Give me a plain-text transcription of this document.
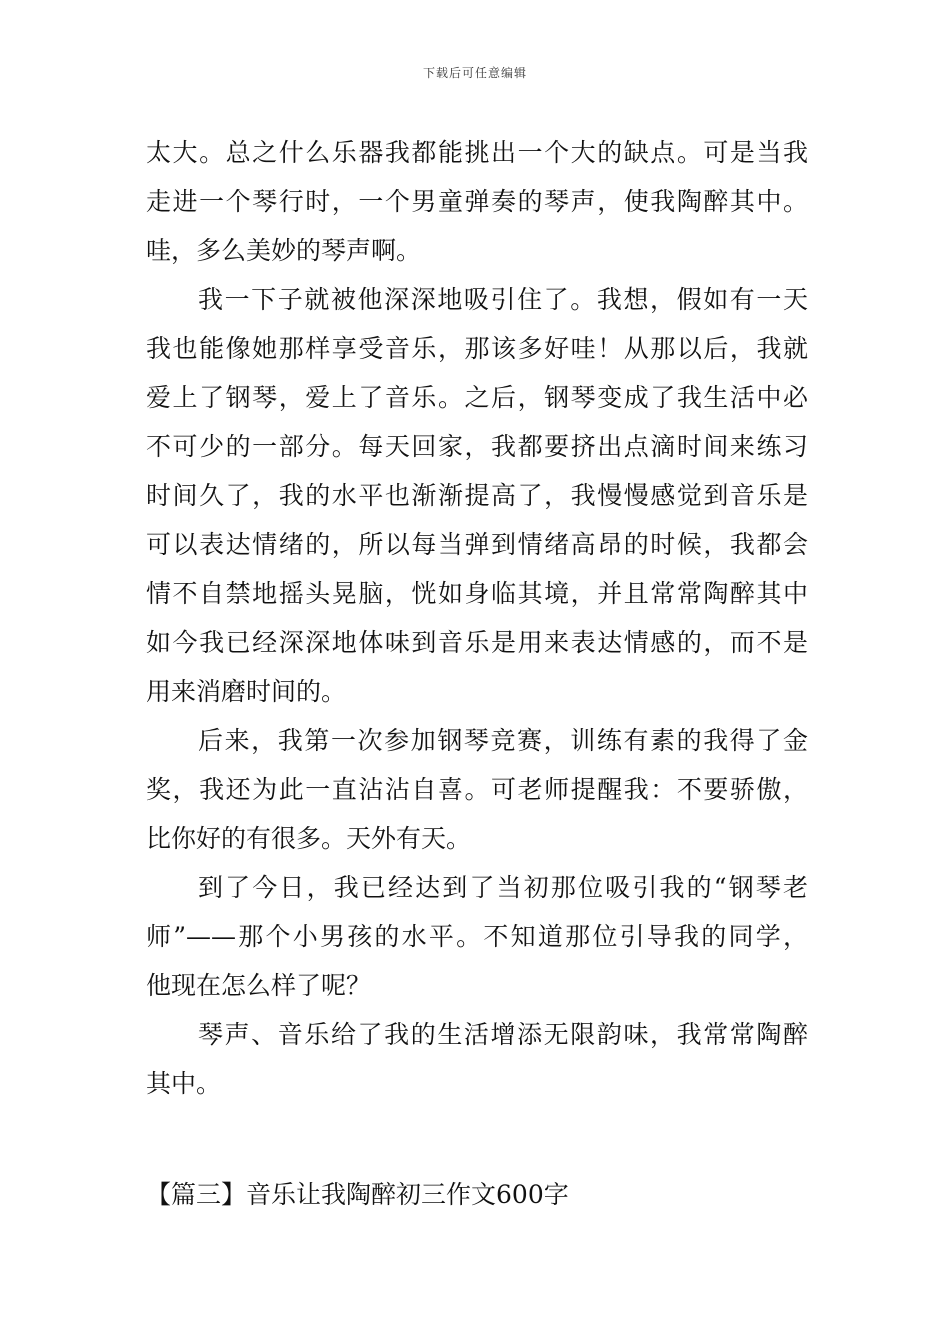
下载后可任意编辑
太大。总之什么乐器我都能挑出一个大的缺点。可是当我
走进一个琴行时，一个男童弹奏的琴声，使我陶醉其中。
哇，多么美妙的琴声啊。
我一下子就被他深深地吸引住了。我想，假如有一天
我也能像她那样享受音乐，那该多好哇！从那以后，我就
爱上了钢琴，爱上了音乐。之后，钢琴变成了我生活中必
不可少的一部分。每天回家，我都要挤出点滴时间来练习
时间久了，我的水平也渐渐提高了，我慢慢感觉到音乐是
可以表达情绪的，所以每当弹到情绪高昂的时候，我都会
情不自禁地摇头晃脑，恍如身临其境，并且常常陶醉其中
如今我已经深深地体味到音乐是用来表达情感的，而不是
用来消磨时间的。
后来，我第一次参加钢琴竞赛，训练有素的我得了金
奖，我还为此一直沾沾自喜。可老师提醒我：不要骄傲，
比你好的有很多。天外有天。
到了今日，我已经达到了当初那位吸引我的“钢琴老
师”——那个小男孩的水平。不知道那位引导我的同学，
他现在怎么样了呢？
琴声、音乐给了我的生活增添无限韵味，我常常陶醉
其中。
【篇三】音乐让我陶醉初三作文600字
